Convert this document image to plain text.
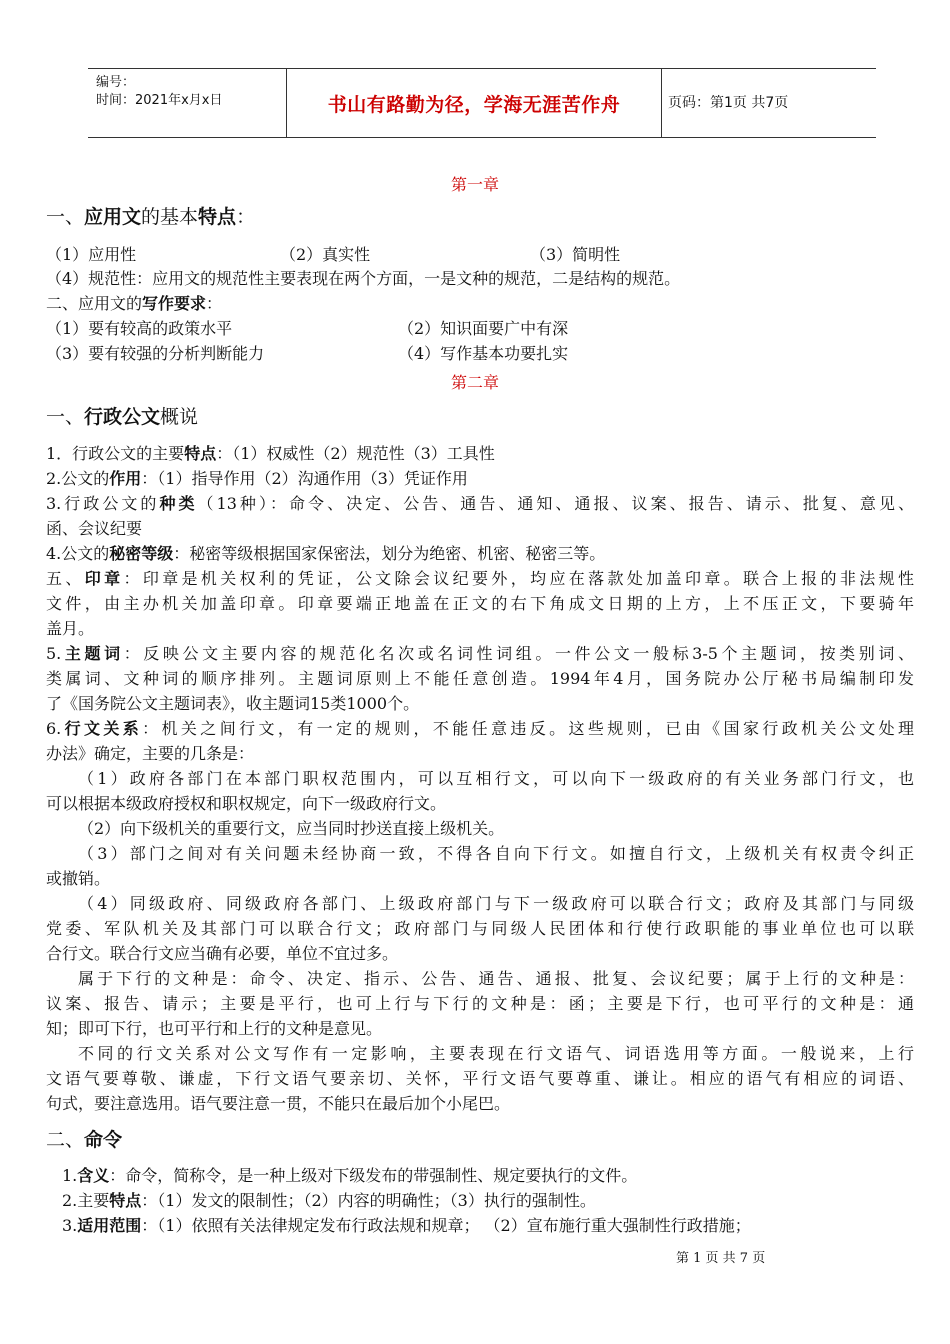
编号：
时间：2021年x月x日	书山有路勤为径，学海无涯苦作舟	页码：第1页 共7页
第一章
一、应用文的基本特点：
（1）应用性	（2）真实性	（3）简明性
（4）规范性：应用文的规范性主要表现在两个方面，一是文种的规范，二是结构的规范。
二、应用文的写作要求：
（1）要有较高的政策水平	（2）知识面要广中有深
（3）要有较强的分析判断能力	（4）写作基本功要扎实
第二章
一、行政公文概说
1．行政公文的主要特点：（1）权威性（2）规范性（3）工具性
2.公文的作用：（1）指导作用（2）沟通作用（3）凭证作用
3.行政公文的种类（13种）：命令、决定、公告、通告、通知、通报、议案、报告、请示、批复、意见、
函、会议纪要
4.公文的秘密等级：秘密等级根据国家保密法，划分为绝密、机密、秘密三等。
五、印章：印章是机关权利的凭证，公文除会议纪要外，均应在落款处加盖印章。联合上报的非法规性
文件，由主办机关加盖印章。印章要端正地盖在正文的右下角成文日期的上方，上不压正文，下要骑年
盖月。
5.主题词：反映公文主要内容的规范化名次或名词性词组。一件公文一般标3-5个主题词，按类别词、
类属词、文种词的顺序排列。主题词原则上不能任意创造。1994年4月，国务院办公厅秘书局编制印发
了《国务院公文主题词表》，收主题词15类1000个。
6.行文关系：机关之间行文，有一定的规则，不能任意违反。这些规则，已由《国家行政机关公文处理
办法》确定，主要的几条是：
（1）政府各部门在本部门职权范围内，可以互相行文，可以向下一级政府的有关业务部门行文，也
可以根据本级政府授权和职权规定，向下一级政府行文。
（2）向下级机关的重要行文，应当同时抄送直接上级机关。
（3）部门之间对有关问题未经协商一致，不得各自向下行文。如擅自行文，上级机关有权责令纠正
或撤销。
（4）同级政府、同级政府各部门、上级政府部门与下一级政府可以联合行文；政府及其部门与同级
党委、军队机关及其部门可以联合行文；政府部门与同级人民团体和行使行政职能的事业单位也可以联
合行文。联合行文应当确有必要，单位不宜过多。
属于下行的文种是：命令、决定、指示、公告、通告、通报、批复、会议纪要；属于上行的文种是：
议案、报告、请示；主要是平行，也可上行与下行的文种是：函；主要是下行，也可平行的文种是：通
知；即可下行，也可平行和上行的文种是意见。
不同的行文关系对公文写作有一定影响，主要表现在行文语气、词语选用等方面。一般说来，上行
文语气要尊敬、谦虚，下行文语气要亲切、关怀，平行文语气要尊重、谦让。相应的语气有相应的词语、
句式，要注意选用。语气要注意一贯，不能只在最后加个小尾巴。
二、命令
1.含义：命令，简称令，是一种上级对下级发布的带强制性、规定要执行的文件。
2.主要特点：（1）发文的限制性；（2）内容的明确性；（3）执行的强制性。
3.适用范围：（1）依照有关法律规定发布行政法规和规章； （2）宣布施行重大强制性行政措施；
第 1 页 共 7 页
